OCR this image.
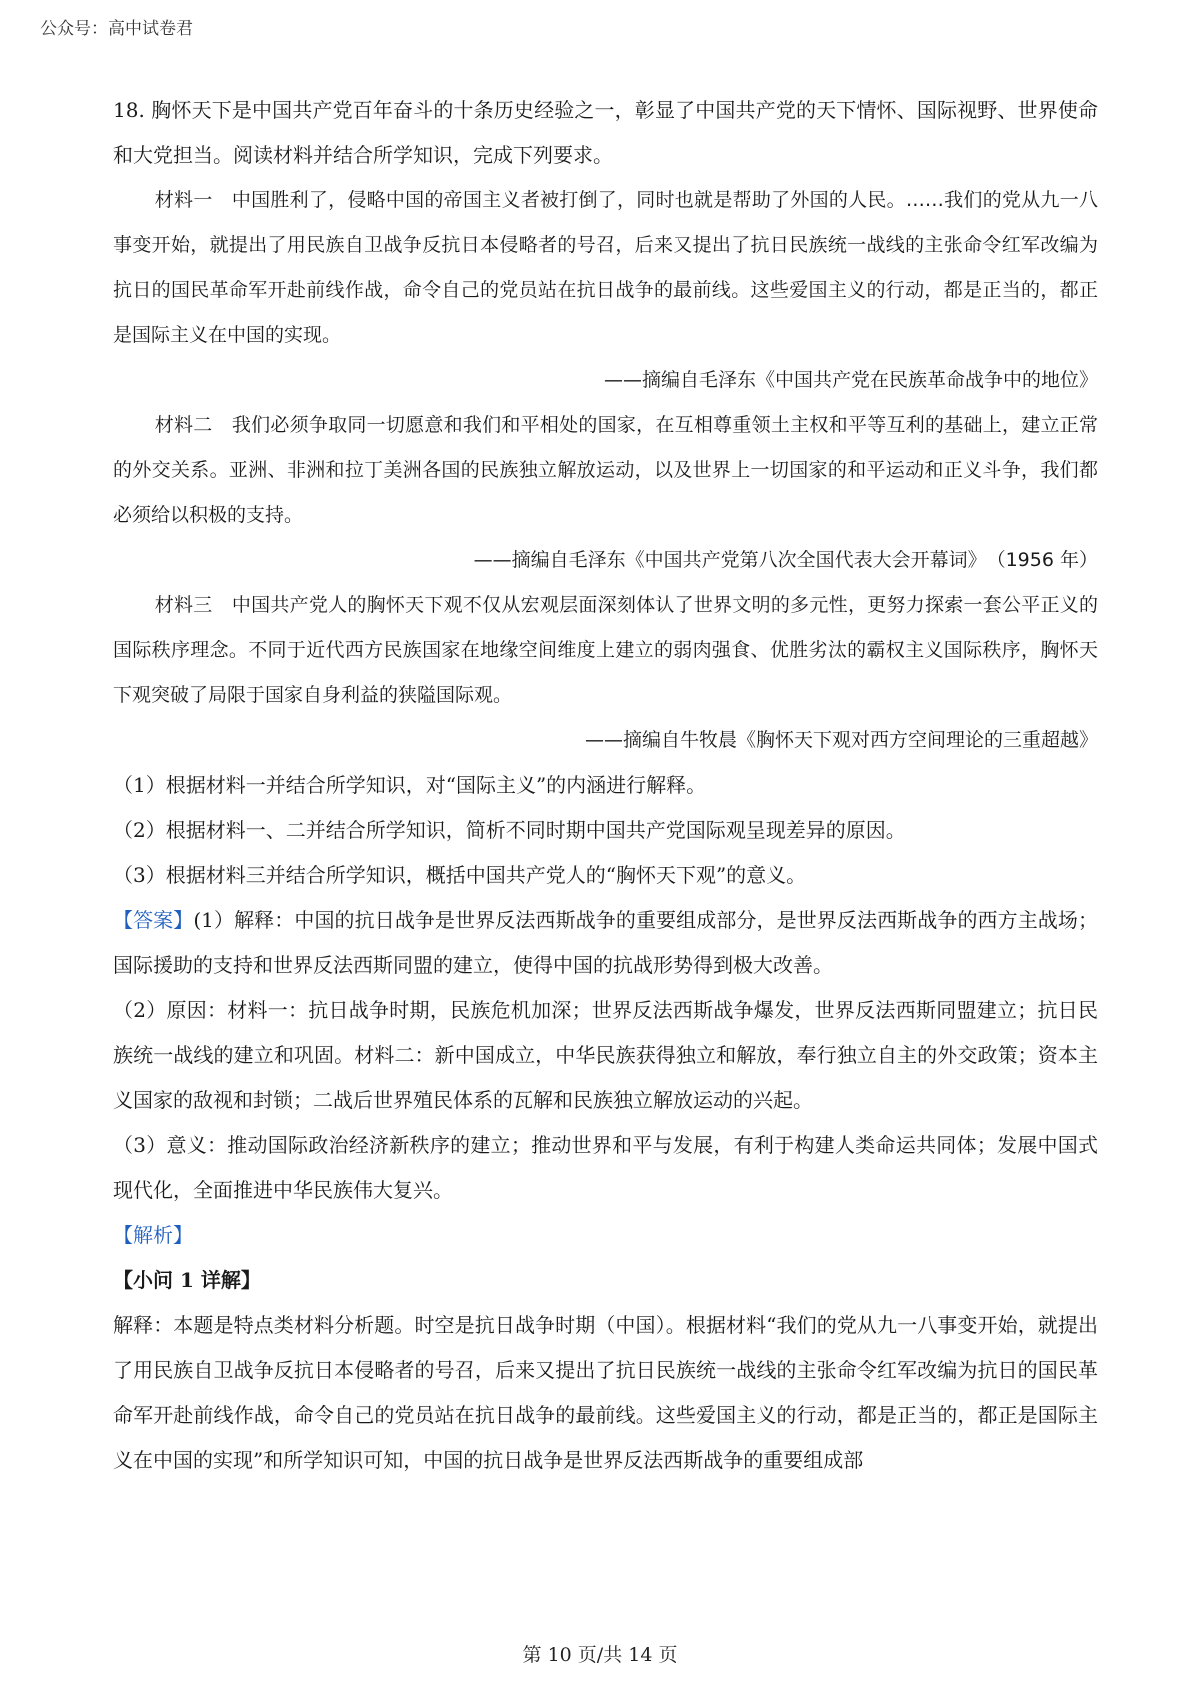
公众号：高中试卷君

18. 胸怀天下是中国共产党百年奋斗的十条历史经验之一，彰显了中国共产党的天下情怀、国际视野、世界使命和大党担当。阅读材料并结合所学知识，完成下列要求。

材料一　中国胜利了，侵略中国的帝国主义者被打倒了，同时也就是帮助了外国的人民。……我们的党从九一八事变开始，就提出了用民族自卫战争反抗日本侵略者的号召，后来又提出了抗日民族统一战线的主张命令红军改编为抗日的国民革命军开赴前线作战，命令自己的党员站在抗日战争的最前线。这些爱国主义的行动，都是正当的，都正是国际主义在中国的实现。

——摘编自毛泽东《中国共产党在民族革命战争中的地位》

材料二　我们必须争取同一切愿意和我们和平相处的国家，在互相尊重领土主权和平等互利的基础上，建立正常的外交关系。亚洲、非洲和拉丁美洲各国的民族独立解放运动，以及世界上一切国家的和平运动和正义斗争，我们都必须给以积极的支持。

——摘编自毛泽东《中国共产党第八次全国代表大会开幕词》　（1956 年）

材料三　中国共产党人的胸怀天下观不仅从宏观层面深刻体认了世界文明的多元性，更努力探索一套公平正义的国际秩序理念。不同于近代西方民族国家在地缘空间维度上建立的弱肉强食、优胜劣汰的霸权主义国际秩序，胸怀天下观突破了局限于国家自身利益的狭隘国际观。

——摘编自牛牧晨《胸怀天下观对西方空间理论的三重超越》

（1）根据材料一并结合所学知识，对“国际主义”的内涵进行解释。

（2）根据材料一、二并结合所学知识，简析不同时期中国共产党国际观呈现差异的原因。

（3）根据材料三并结合所学知识，概括中国共产党人的“胸怀天下观”的意义。

【答案】(1）解释：中国的抗日战争是世界反法西斯战争的重要组成部分，是世界反法西斯战争的西方主战场；国际援助的支持和世界反法西斯同盟的建立，使得中国的抗战形势得到极大改善。

（2）原因：材料一：抗日战争时期，民族危机加深；世界反法西斯战争爆发，世界反法西斯同盟建立；抗日民族统一战线的建立和巩固。材料二：新中国成立，中华民族获得独立和解放，奉行独立自主的外交政策；资本主义国家的敌视和封锁；二战后世界殖民体系的瓦解和民族独立解放运动的兴起。

（3）意义：推动国际政治经济新秩序的建立；推动世界和平与发展，有利于构建人类命运共同体；发展中国式现代化，全面推进中华民族伟大复兴。

【解析】

【小问 1 详解】

解释：本题是特点类材料分析题。时空是抗日战争时期（中国）。根据材料“我们的党从九一八事变开始，就提出了用民族自卫战争反抗日本侵略者的号召，后来又提出了抗日民族统一战线的主张命令红军改编为抗日的国民革命军开赴前线作战，命令自己的党员站在抗日战争的最前线。这些爱国主义的行动，都是正当的，都正是国际主义在中国的实现”和所学知识可知，中国的抗日战争是世界反法西斯战争的重要组成部

第 10 页/共 14 页
